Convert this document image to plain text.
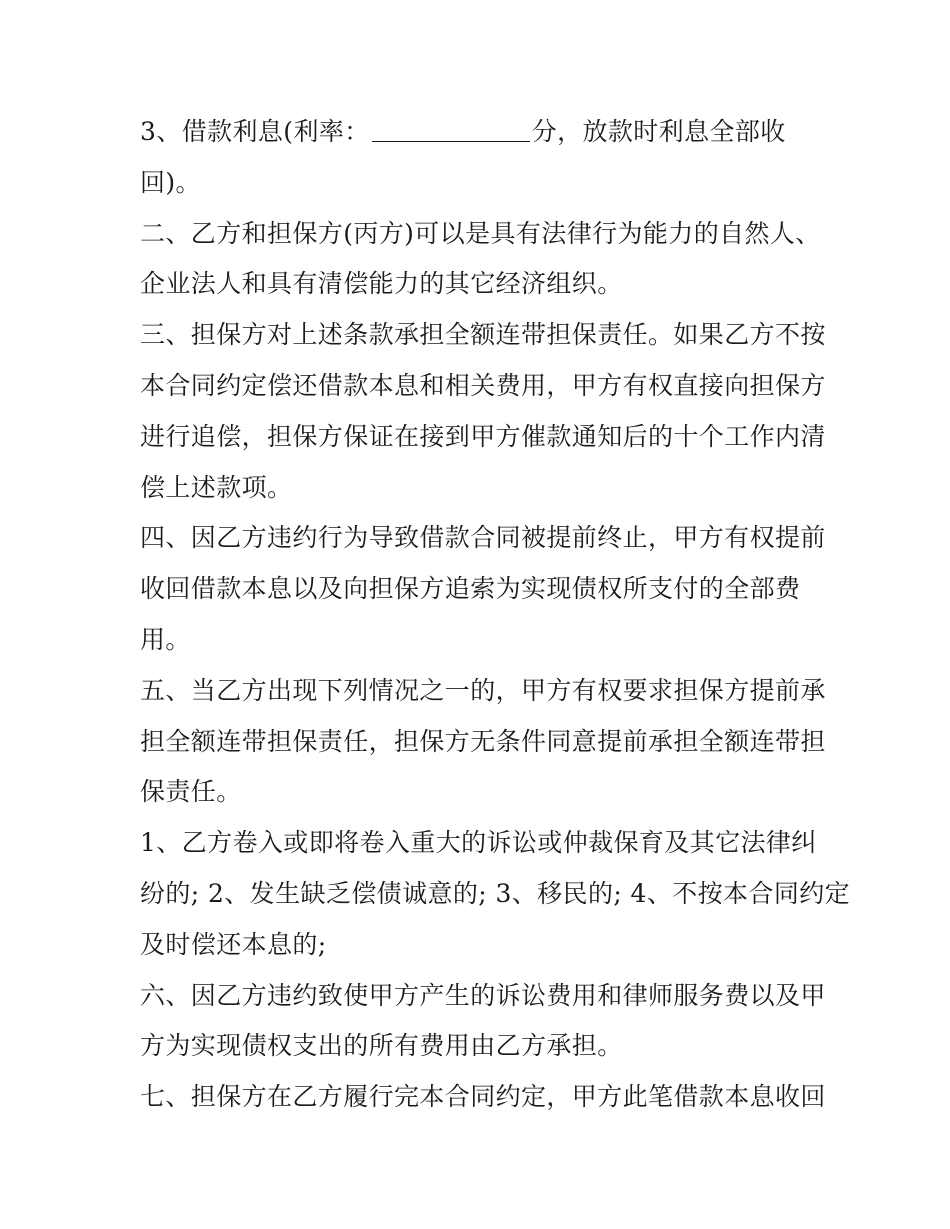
3、借款利息(利率：	分，放款时利息全部收
回)。
二、乙方和担保方(丙方)可以是具有法律行为能力的自然人、
企业法人和具有清偿能力的其它经济组织。
三、担保方对上述条款承担全额连带担保责任。如果乙方不按
本合同约定偿还借款本息和相关费用，甲方有权直接向担保方
进行追偿，担保方保证在接到甲方催款通知后的十个工作内清
偿上述款项。
四、因乙方违约行为导致借款合同被提前终止，甲方有权提前
收回借款本息以及向担保方追索为实现债权所支付的全部费
用。
五、当乙方出现下列情况之一的，甲方有权要求担保方提前承
担全额连带担保责任，担保方无条件同意提前承担全额连带担
保责任。
1、乙方卷入或即将卷入重大的诉讼或仲裁保育及其它法律纠
纷的; 2、发生缺乏偿债诚意的; 3、移民的; 4、不按本合同约定
及时偿还本息的;
六、因乙方违约致使甲方产生的诉讼费用和律师服务费以及甲
方为实现债权支出的所有费用由乙方承担。
七、担保方在乙方履行完本合同约定，甲方此笔借款本息收回
